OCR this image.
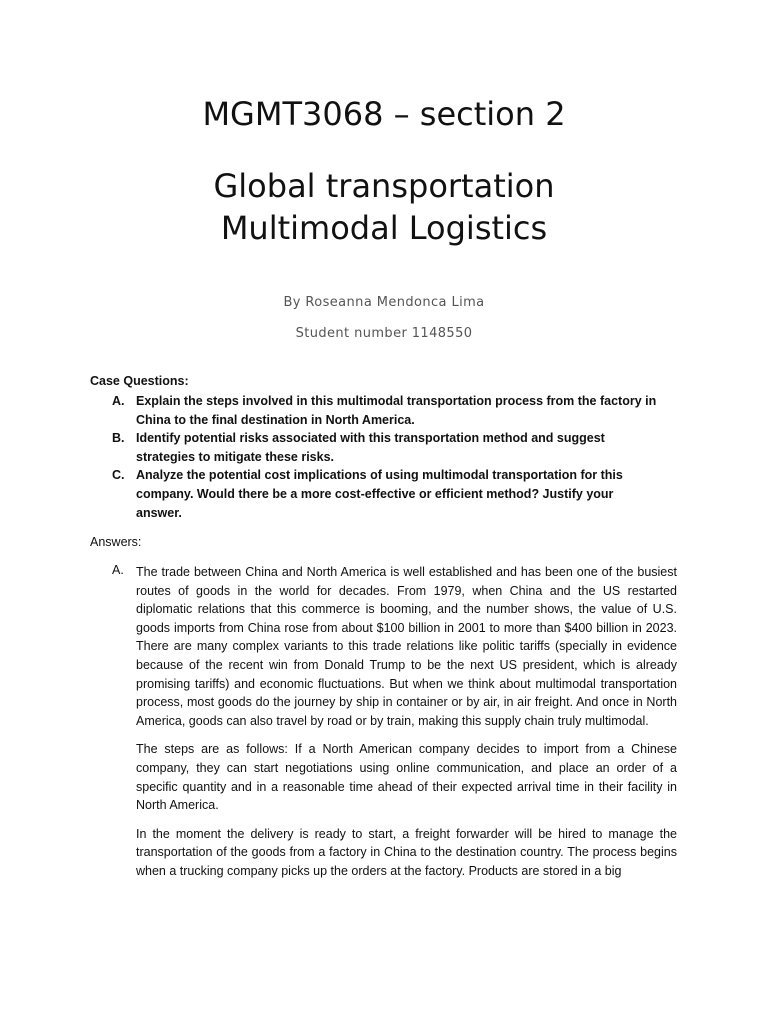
MGMT3068 – section 2
Global transportation
Multimodal Logistics
By Roseanna Mendonca Lima
Student number 1148550
Case Questions:
A. Explain the steps involved in this multimodal transportation process from the factory in China to the final destination in North America.
B. Identify potential risks associated with this transportation method and suggest strategies to mitigate these risks.
C. Analyze the potential cost implications of using multimodal transportation for this company. Would there be a more cost-effective or efficient method? Justify your answer.
Answers:
A. The trade between China and North America is well established and has been one of the busiest routes of goods in the world for decades. From 1979, when China and the US restarted diplomatic relations that this commerce is booming, and the number shows, the value of U.S. goods imports from China rose from about $100 billion in 2001 to more than $400 billion in 2023. There are many complex variants to this trade relations like politic tariffs (specially in evidence because of the recent win from Donald Trump to be the next US president, which is already promising tariffs) and economic fluctuations. But when we think about multimodal transportation process, most goods do the journey by ship in container or by air, in air freight. And once in North America, goods can also travel by road or by train, making this supply chain truly multimodal.

The steps are as follows: If a North American company decides to import from a Chinese company, they can start negotiations using online communication, and place an order of a specific quantity and in a reasonable time ahead of their expected arrival time in their facility in North America.

In the moment the delivery is ready to start, a freight forwarder will be hired to manage the transportation of the goods from a factory in China to the destination country. The process begins when a trucking company picks up the orders at the factory. Products are stored in a big
